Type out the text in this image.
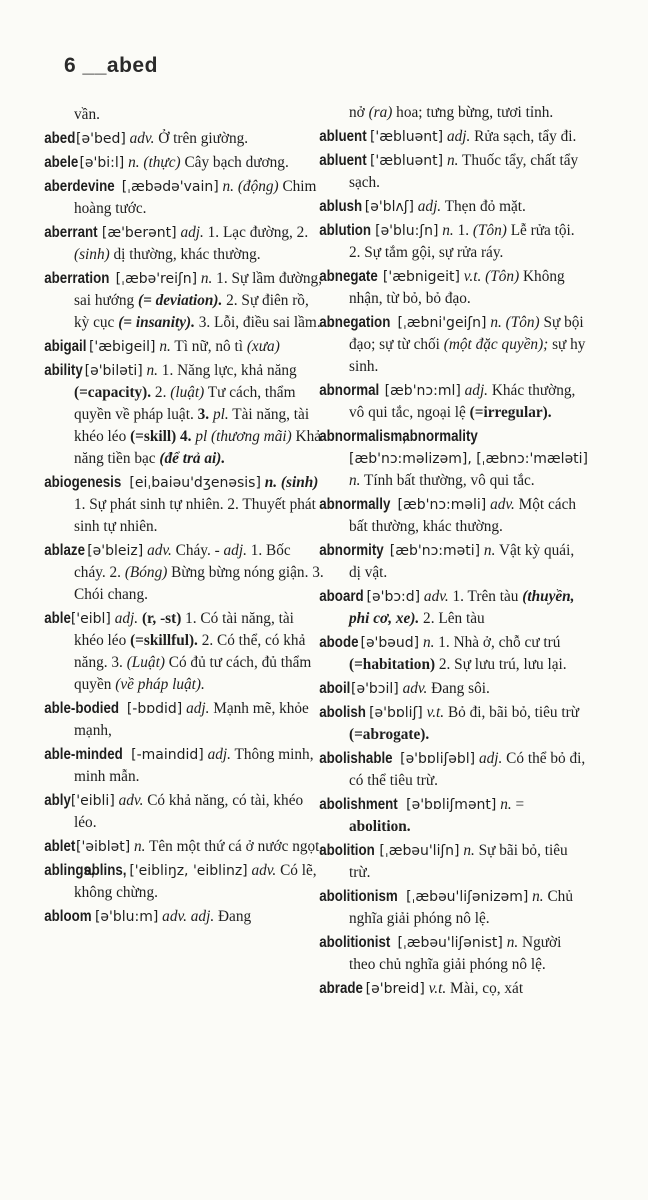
6 __abed
vần.
abed [ə'bed] adv. Ở trên giường.
abele [ə'bi:l] n. (thực) Cây bạch dương.
aberdevine [ˌæbədə'vain] n. (động) Chim hoàng tước.
aberrant [æ'berənt] adj. 1. Lạc đường, 2. (sinh) dị thường, khác thường.
aberration [ˌæbə'reiʃn] n. 1. Sự lầm đường, sai hướng (= deviation). 2. Sự điên rồ, kỳ cục (= insanity). 3. Lỗi, điều sai lầm.
abigail ['æbigeil] n. Tì nữ, nô tì (xưa)
ability [ə'biləti] n. 1. Năng lực, khả năng (=capacity). 2. (luật) Tư cách, thẩm quyền về pháp luật. 3. pl. Tài năng, tài khéo léo (=skill) 4. pl (thương mãi) Khả năng tiền bạc (để trả ai).
abiogenesis [eiˌbaiəu'dʒenəsis] n. (sinh) 1. Sự phát sinh tự nhiên. 2. Thuyết phát sinh tự nhiên.
ablaze [ə'bleiz] adv. Cháy. - adj. 1. Bốc cháy. 2. (Bóng) Bừng bừng nóng giận. 3. Chói chang.
able ['eibl] adj. (r, -st) 1. Có tài năng, tài khéo léo (=skillful). 2. Có thể, có khả năng. 3. (Luật) Có đủ tư cách, đủ thẩm quyền (về pháp luật).
able-bodied [-bɒdid] adj. Mạnh mẽ, khỏe mạnh,
able-minded [-maindid] adj. Thông minh, minh mẫn.
ably ['eibli] adv. Có khả năng, có tài, khéo léo.
ablet ['əiblət] n. Tên một thứ cá ở nước ngọt.
ablings, ablins, ['eibliŋz, 'eiblinz] adv. Có lẽ, không chừng.
abloom [ə'blu:m] adv. adj. Đang
nở (ra) hoa; tưng bừng, tươi tỉnh.
abluent ['æbluənt] adj. Rửa sạch, tẩy đi.
abluent ['æbluənt] n. Thuốc tẩy, chất tẩy sạch.
ablush [ə'blʌʃ] adj. Thẹn đỏ mặt.
ablution [ə'blu:ʃn] n. 1. (Tôn) Lễ rửa tội. 2. Sự tắm gội, sự rửa ráy.
abnegate ['æbnigeit] v.t. (Tôn) Không nhận, từ bỏ, bỏ đạo.
abnegation [ˌæbni'geiʃn] n. (Tôn) Sự bội đạo; sự từ chối (một đặc quyền); sự hy sinh.
abnormal [æb'nɔ:ml] adj. Khác thường, vô qui tắc, ngoại lệ (=irregular).
abnormalism, abnormality [æb'nɔ:məlizəm], [ˌæbnɔ:'mæləti] n. Tính bất thường, vô qui tắc.
abnormally [æb'nɔ:məli] adv. Một cách bất thường, khác thường.
abnormity [æb'nɔ:məti] n. Vật kỳ quái, dị vật.
aboard [ə'bɔ:d] adv. 1. Trên tàu (thuyền, phi cơ, xe). 2. Lên tàu
abode [ə'bəud] n. 1. Nhà ở, chỗ cư trú (=habitation) 2. Sự lưu trú, lưu lại.
aboil [ə'bɔil] adv. Đang sôi.
abolish [ə'bɒliʃ] v.t. Bỏ đi, bãi bỏ, tiêu trừ (=abrogate).
abolishable [ə'bɒliʃəbl] adj. Có thể bỏ đi, có thể tiêu trừ.
abolishment [ə'bɒliʃmənt] n. = abolition.
abolition [ˌæbəu'liʃn] n. Sự bãi bỏ, tiêu trừ.
abolitionism [ˌæbəu'liʃənizəm] n. Chủ nghĩa giải phóng nô lệ.
abolitionist [ˌæbəu'liʃənist] n. Người theo chủ nghĩa giải phóng nô lệ.
abrade [ə'breid] v.t. Mài, cọ, xát
